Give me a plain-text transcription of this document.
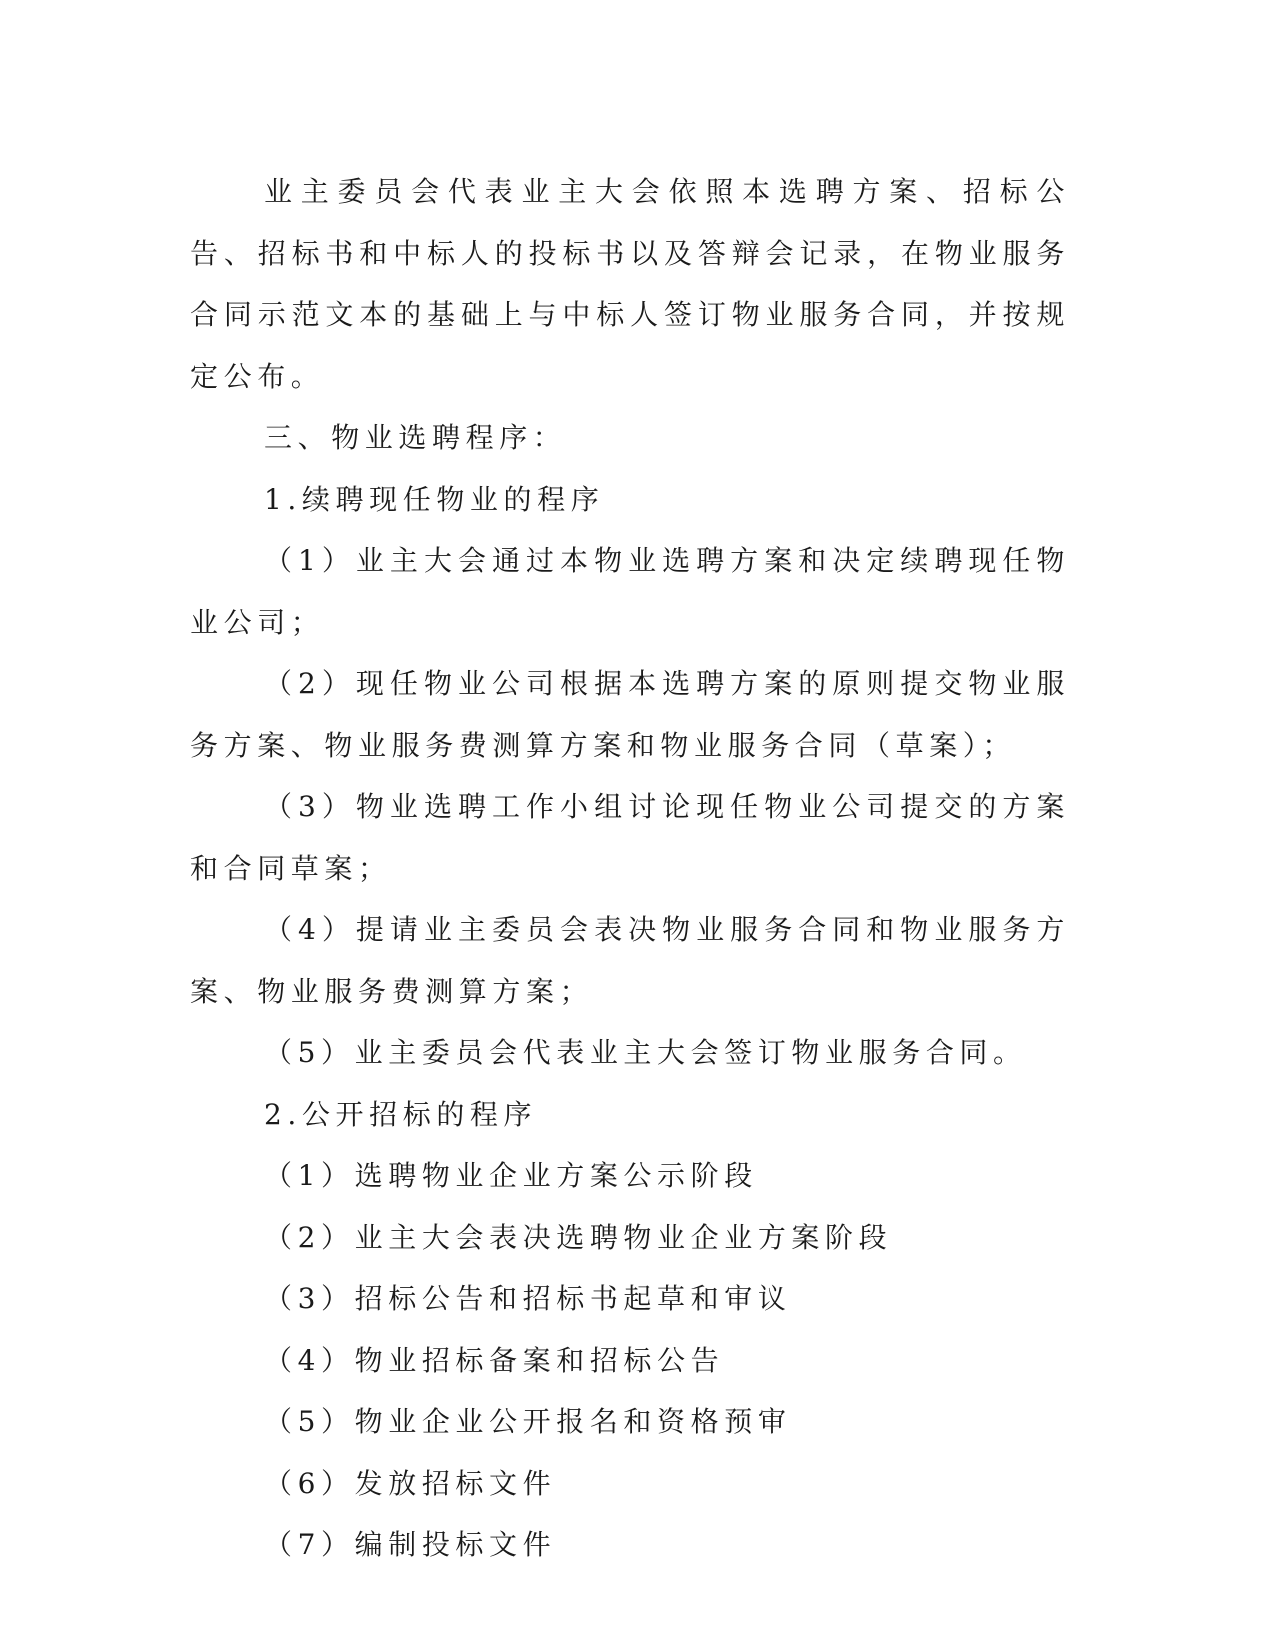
业主委员会代表业主大会依照本选聘方案、招标公告、招标书和中标人的投标书以及答辩会记录，在物业服务合同示范文本的基础上与中标人签订物业服务合同，并按规定公布。

三、物业选聘程序：

1.续聘现任物业的程序

（1）业主大会通过本物业选聘方案和决定续聘现任物业公司；

（2）现任物业公司根据本选聘方案的原则提交物业服务方案、物业服务费测算方案和物业服务合同（草案）；

（3）物业选聘工作小组讨论现任物业公司提交的方案和合同草案；

（4）提请业主委员会表决物业服务合同和物业服务方案、物业服务费测算方案；

（5）业主委员会代表业主大会签订物业服务合同。

2.公开招标的程序

（1）选聘物业企业方案公示阶段

（2）业主大会表决选聘物业企业方案阶段

（3）招标公告和招标书起草和审议

（4）物业招标备案和招标公告

（5）物业企业公开报名和资格预审

（6）发放招标文件

（7）编制投标文件
